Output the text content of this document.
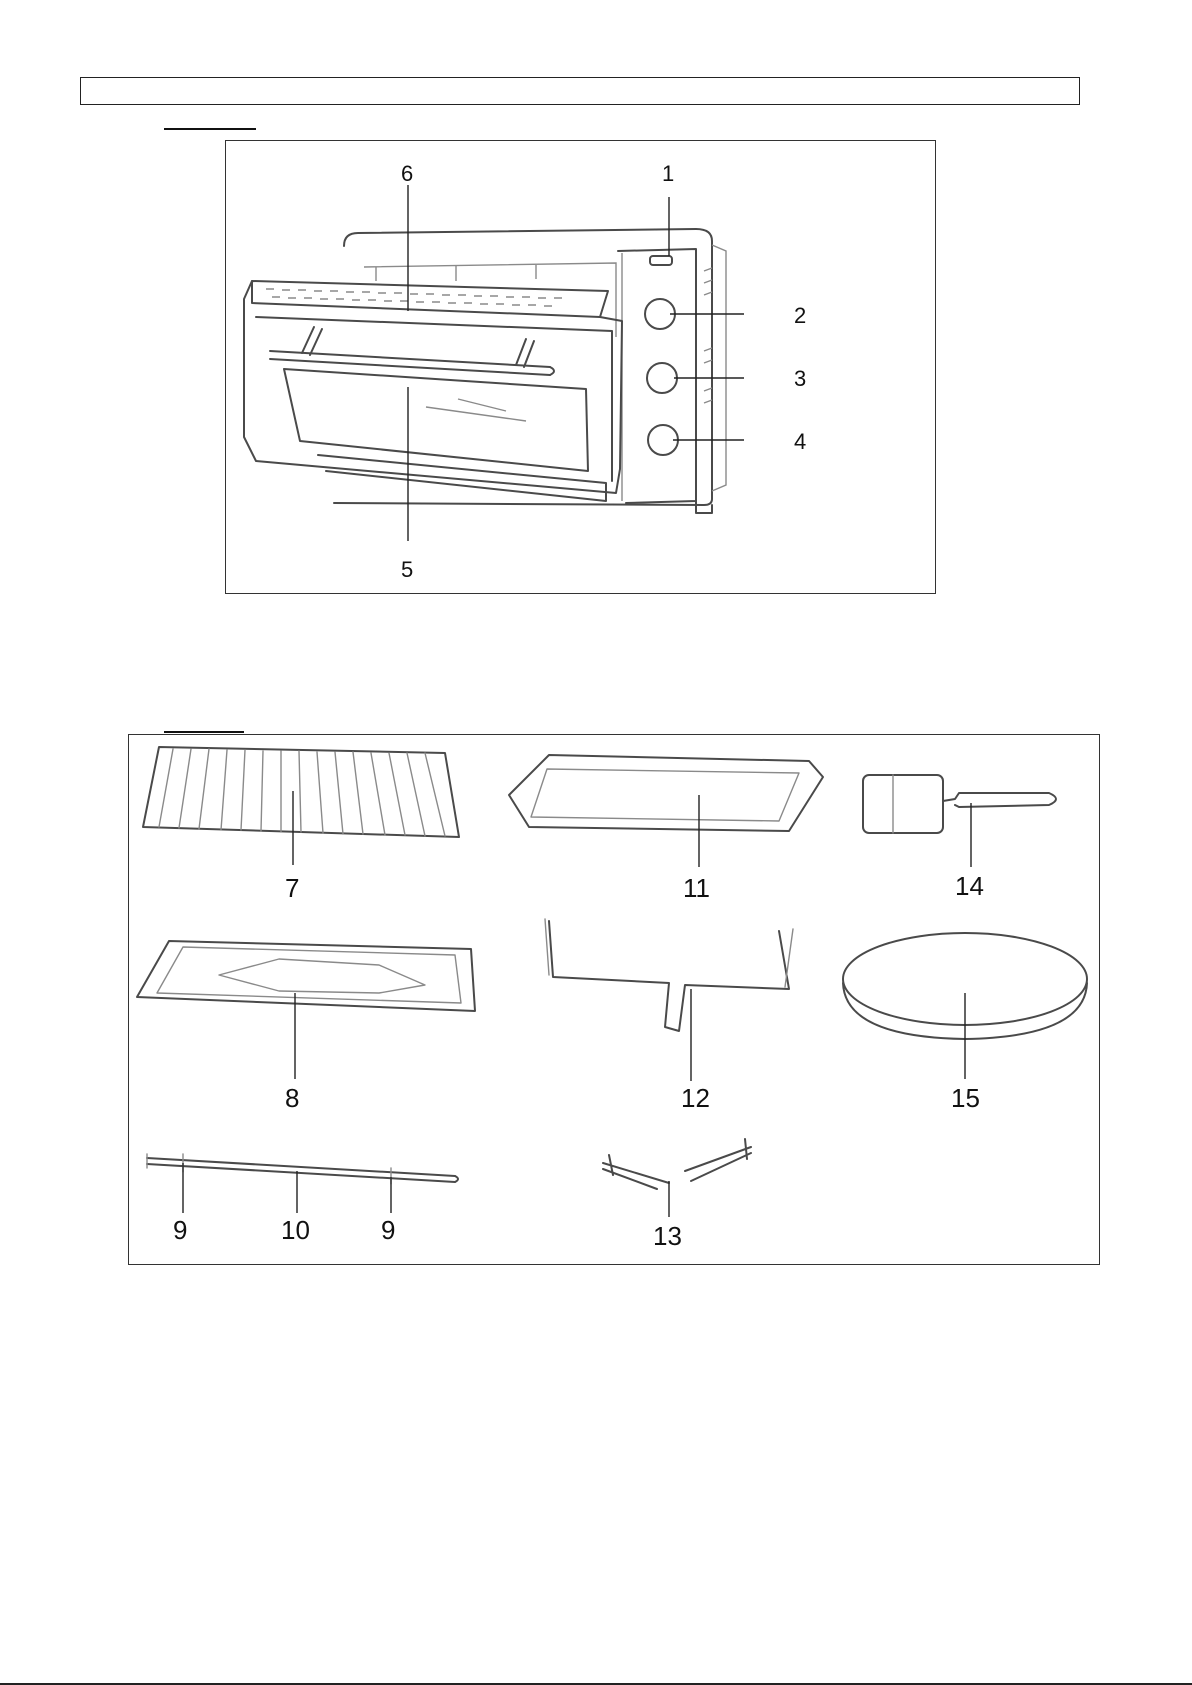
1
2
3
4
5
6
7
8
9	10	9
11
12
13
14
15
